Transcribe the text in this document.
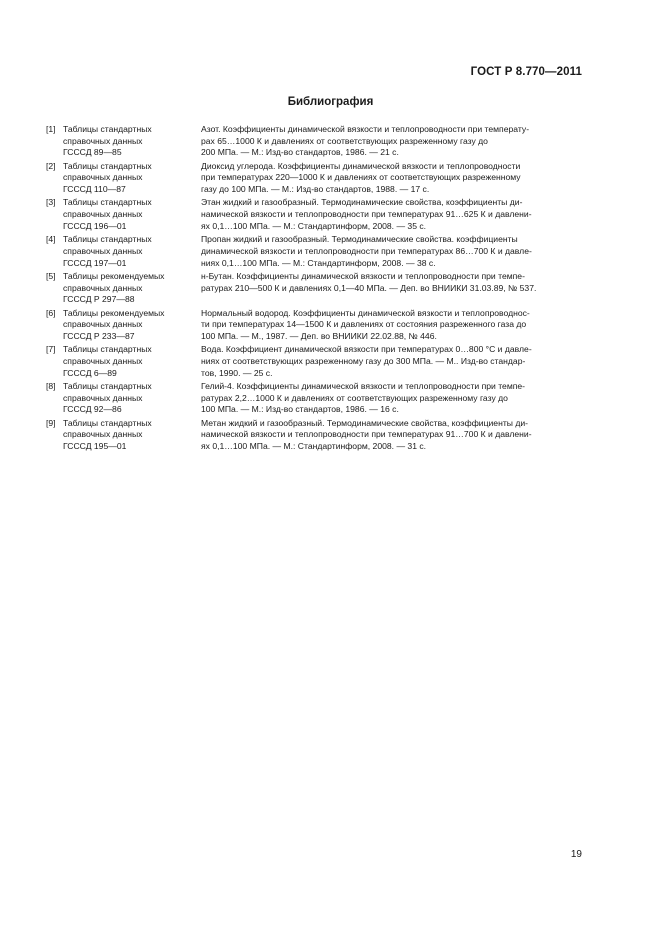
ГОСТ Р 8.770—2011
Библиография
[1] Таблицы стандартных
справочных данных
ГСССД 89—85
Азот. Коэффициенты динамической вязкости и теплопроводности при температу-
рах 65…1000 К и давлениях от соответствующих разреженному газу до
200 МПа. — М.: Изд-во стандартов, 1986. — 21 с.
[2] Таблицы стандартных
справочных данных
ГСССД 110—87
Диоксид углерода. Коэффициенты динамической вязкости и теплопроводности
при температурах 220—1000 К и давлениях от соответствующих разреженному
газу до 100 МПа. — М.: Изд-во стандартов, 1988. — 17 с.
[3] Таблицы стандартных
справочных данных
ГСССД 196—01
Этан жидкий и газообразный. Термодинамические свойства, коэффициенты ди-
намической вязкости и теплопроводности при температурах 91…625 К и давлени-
ях 0,1…100 МПа. — М.: Стандартинформ, 2008. — 35 с.
[4] Таблицы стандартных
справочных данных
ГСССД 197—01
Пропан жидкий и газообразный. Термодинамические свойства. коэффициенты
динамической вязкости и теплопроводности при температурах 86…700 К и давле-
ниях 0,1…100 МПа. — М.: Стандартинформ, 2008. — 38 с.
[5] Таблицы рекомендуемых
справочных данных
ГСССД Р 297—88
н-Бутан. Коэффициенты динамической вязкости и теплопроводности при темпе-
ратурах 210—500 К и давлениях 0,1—40 МПа. — Деп. во ВНИИКИ 31.03.89, № 537.
[6] Таблицы рекомендуемых
справочных данных
ГСССД Р 233—87
Нормальный водород. Коэффициенты динамической вязкости и теплопроводнос-
ти при температурах 14—1500 К и давлениях от состояния разреженного газа до
100 МПа. — М., 1987. — Деп. во ВНИИКИ 22.02.88, № 446.
[7] Таблицы стандартных
справочных данных
ГСССД 6—89
Вода. Коэффициент динамической вязкости при температурах 0…800 °С и давле-
ниях от соответствующих разреженному газу до 300 МПа. — М.. Изд-во стандар-
тов, 1990. — 25 с.
[8] Таблицы стандартных
справочных данных
ГСССД 92—86
Гелий-4. Коэффициенты динамической вязкости и теплопроводности при темпе-
ратурах 2,2…1000 К и давлениях от соответствующих разреженному газу до
100 МПа. — М.: Изд-во стандартов, 1986. — 16 с.
[9] Таблицы стандартных
справочных данных
ГСССД 195—01
Метан жидкий и газообразный. Термодинамические свойства, коэффициенты ди-
намической вязкости и теплопроводности при температурах 91…700 К и давлени-
ях 0,1…100 МПа. — М.: Стандартинформ, 2008. — 31 с.
19
